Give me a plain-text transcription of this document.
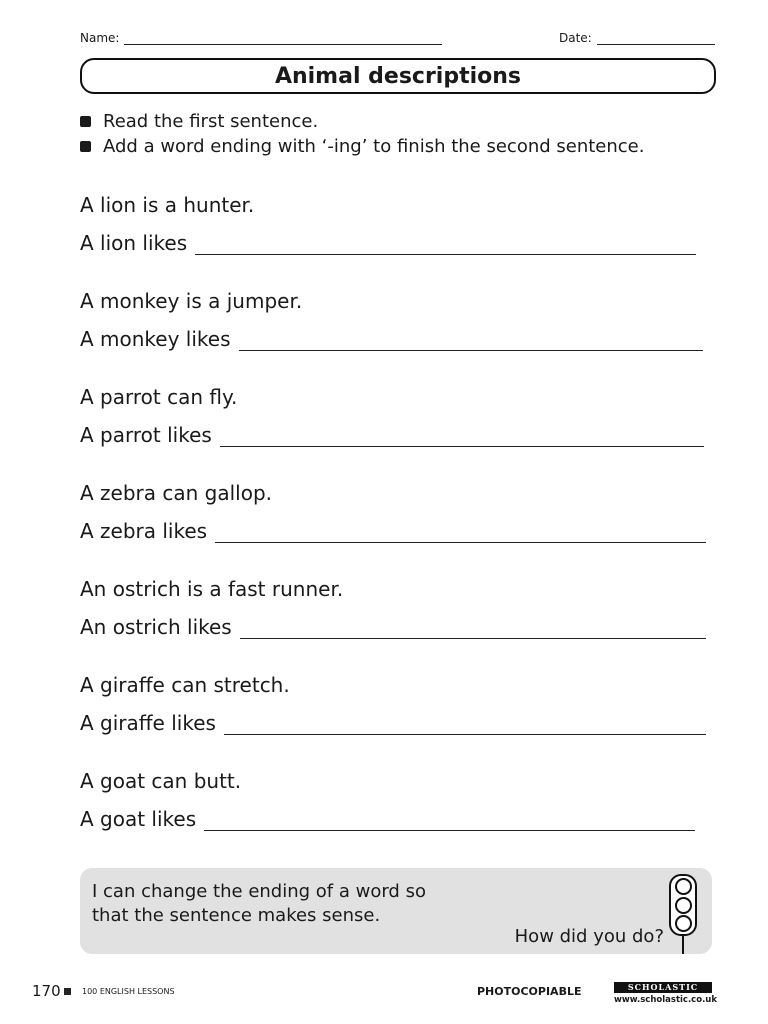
Name:	Date:
Animal descriptions
Read the first sentence.
Add a word ending with ‘-ing’ to finish the second sentence.
A lion is a hunter.
A lion likes
A monkey is a jumper.
A monkey likes
A parrot can fly.
A parrot likes
A zebra can gallop.
A zebra likes
An ostrich is a fast runner.
An ostrich likes
A giraffe can stretch.
A giraffe likes
A goat can butt.
A goat likes
I can change the ending of a word so
that the sentence makes sense.
How did you do?
170	100 ENGLISH LESSONS	PHOTOCOPIABLE	SCHOLASTIC
www.scholastic.co.uk
